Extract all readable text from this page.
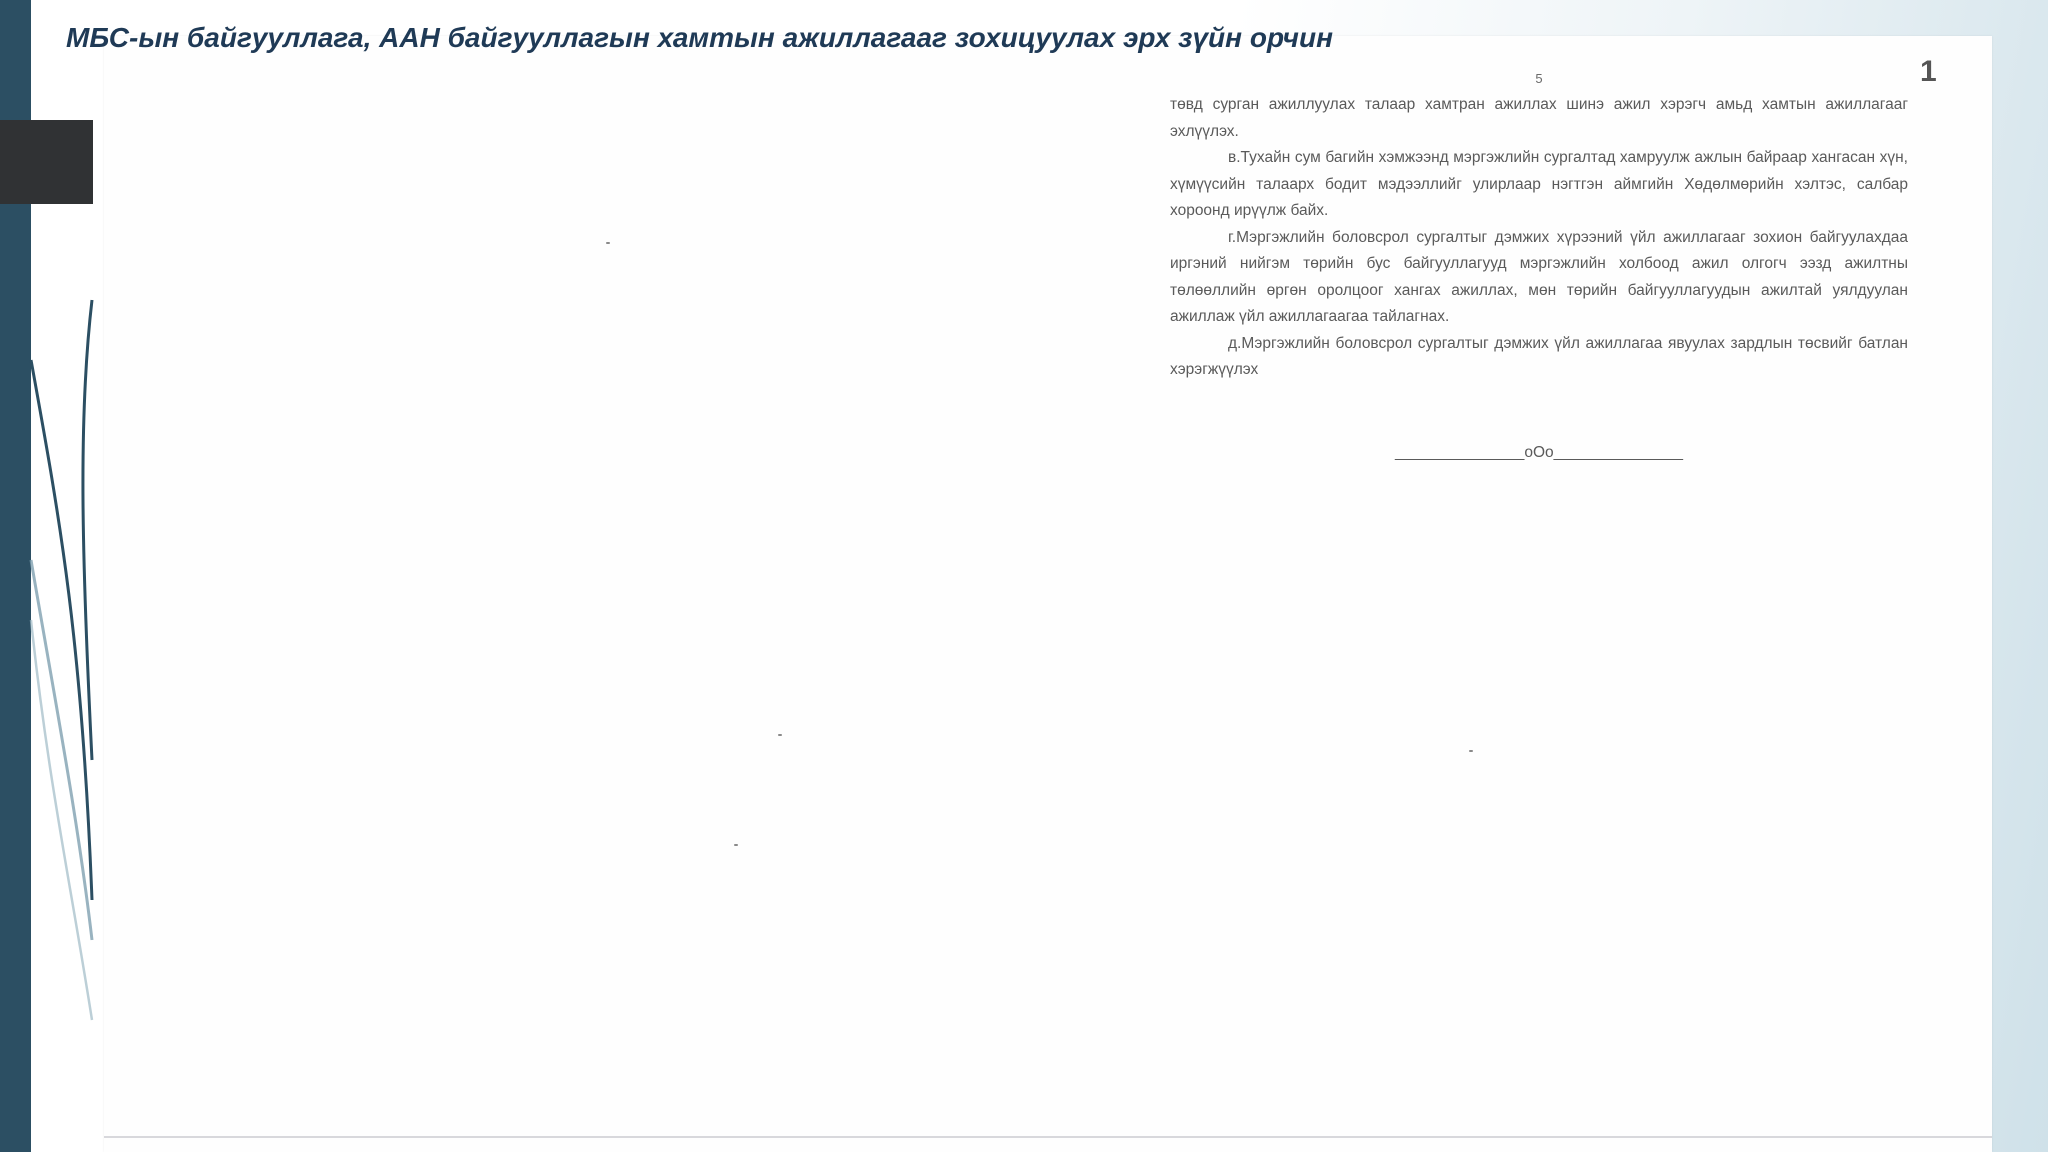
МБС-ын байгууллага, ААН байгууллагын хамтын ажиллагааг зохицуулах эрх зүйн орчин
5

төвд сурган ажиллуулах талаар хамтран ажиллах шинэ ажил хэрэгч амьд хамтын ажиллагааг эхлүүлэх.

в.Тухайн сум багийн хэмжээнд мэргэжлийн сургалтад хамруулж ажлын байраар хангасан хүн, хүмүүсийн талаарх бодит мэдээллийг улирлаар нэгтгэн аймгийн Хөдөлмөрийн хэлтэс, салбар хороонд ирүүлж байх.

г.Мэргэжлийн боловсрол сургалтыг дэмжих хүрээний үйл ажиллагааг зохион байгуулахдаа иргэний нийгэм төрийн бус байгууллагууд мэргэжлийн холбоод ажил олгогч ээзд ажилтны төлөөллийн өргөн оролцоог хангах ажиллах, мөн төрийн байгууллагуудын ажилтай уялдуулан ажиллаж үйл ажиллагаагаа тайлагнах.

д.Мэргэжлийн боловсрол сургалтыг дэмжих үйл ажиллагаа явуулах зардлын төсвийг батлан хэрэгжүүлэх

_______________oOo_______________
1
